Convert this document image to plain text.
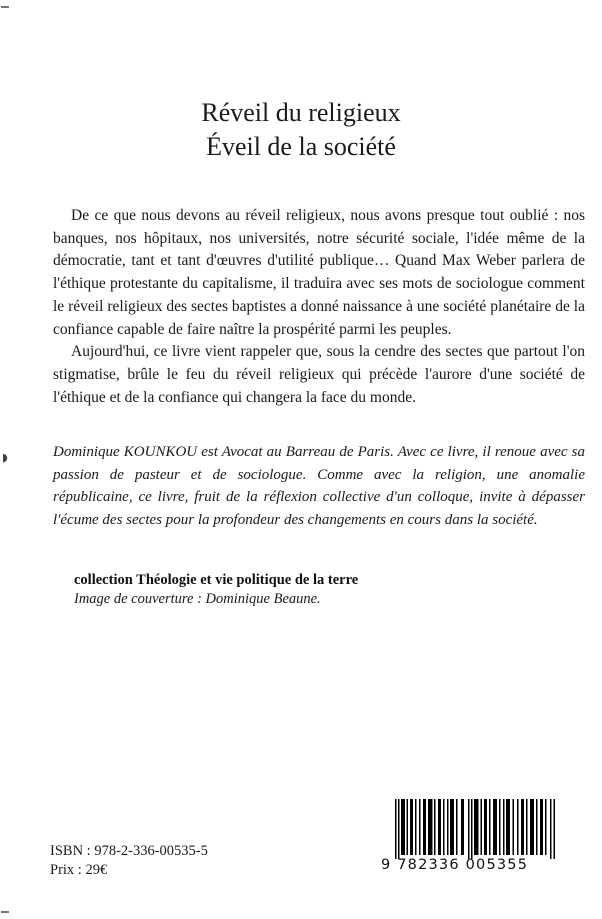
◗
Réveil du religieux
Éveil de la société

De ce que nous devons au réveil religieux, nous avons presque tout oublié : nos banques, nos hôpitaux, nos universités, notre sécurité sociale, l'idée même de la démocratie, tant et tant d'œuvres d'utilité publique… Quand Max Weber parlera de l'éthique protestante du capitalisme, il traduira avec ses mots de sociologue comment le réveil religieux des sectes baptistes a donné naissance à une société planétaire de la confiance capable de faire naître la prospérité parmi les peuples.

Aujourd'hui, ce livre vient rappeler que, sous la cendre des sectes que partout l'on stigmatise, brûle le feu du réveil religieux qui précède l'aurore d'une société de l'éthique et de la confiance qui changera la face du monde.

Dominique KOUNKOU est Avocat au Barreau de Paris. Avec ce livre, il renoue avec sa passion de pasteur et de sociologue. Comme avec la religion, une anomalie républicaine, ce livre, fruit de la réflexion collective d'un colloque, invite à dépasser l'écume des sectes pour la profondeur des changements en cours dans la société.
collection Théologie et vie politique de la terre
Image de couverture : Dominique Beaune.
ISBN : 978-2-336-00535-5
Prix : 29€	9 782336 005355
